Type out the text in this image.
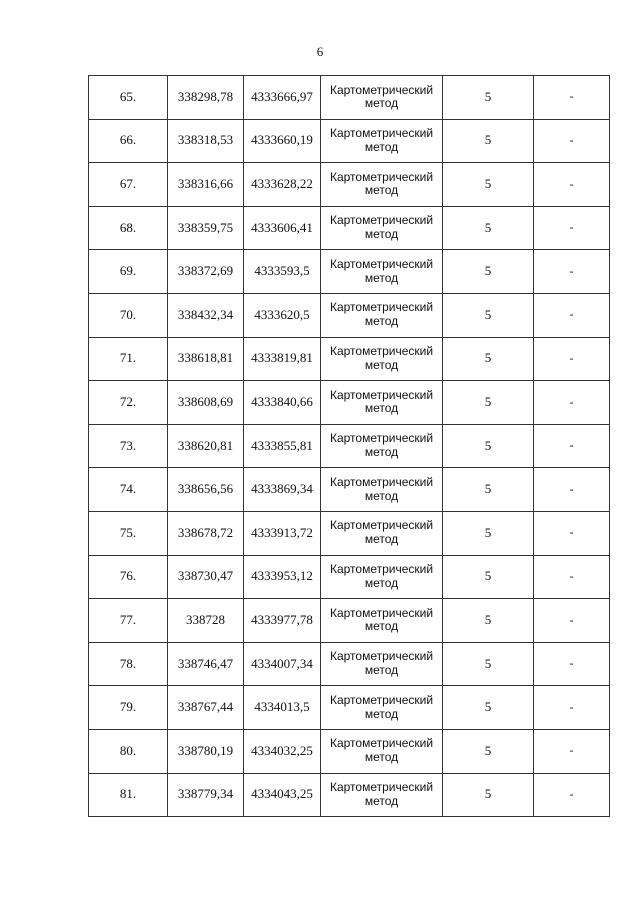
6
65.	338298,78	4333666,97	Картометрический
метод	5	-
66.	338318,53	4333660,19	Картометрический
метод	5	-
67.	338316,66	4333628,22	Картометрический
метод	5	-
68.	338359,75	4333606,41	Картометрический
метод	5	-
69.	338372,69	4333593,5	Картометрический
метод	5	-
70.	338432,34	4333620,5	Картометрический
метод	5	-
71.	338618,81	4333819,81	Картометрический
метод	5	-
72.	338608,69	4333840,66	Картометрический
метод	5	-
73.	338620,81	4333855,81	Картометрический
метод	5	-
74.	338656,56	4333869,34	Картометрический
метод	5	-
75.	338678,72	4333913,72	Картометрический
метод	5	-
76.	338730,47	4333953,12	Картометрический
метод	5	-
77.	338728	4333977,78	Картометрический
метод	5	-
78.	338746,47	4334007,34	Картометрический
метод	5	-
79.	338767,44	4334013,5	Картометрический
метод	5	-
80.	338780,19	4334032,25	Картометрический
метод	5	-
81.	338779,34	4334043,25	Картометрический
метод	5	-
